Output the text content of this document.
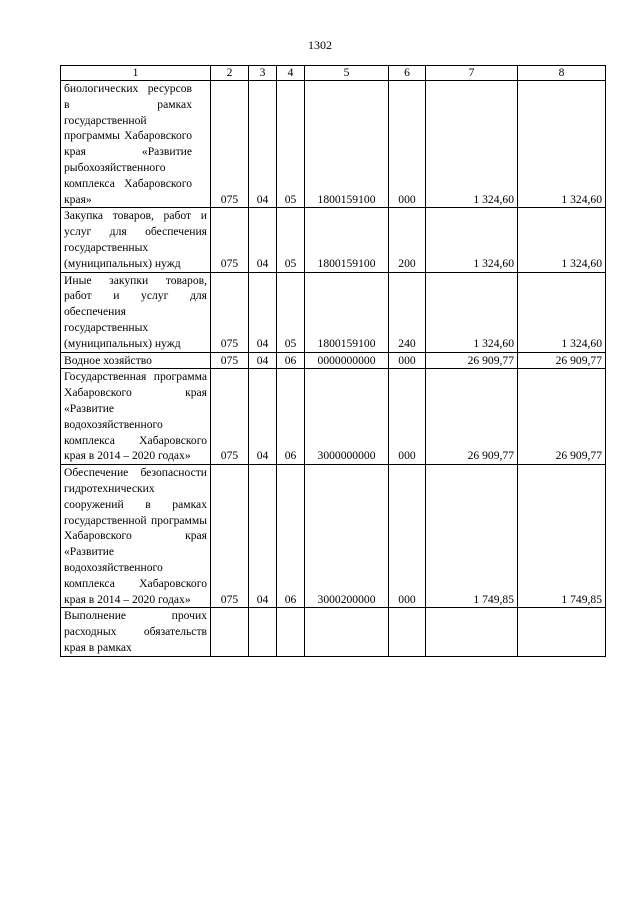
1302
1	2	3	4	5	6	7	8

биологических ресурсов в рамках государственной программы Хабаровского края «Развитие рыбохозяйственного комплекса Хабаровского края»	075	04	05	1800159100	000	1 324,60	1 324,60

Закупка товаров, работ и услуг для обеспечения государственных (муниципальных) нужд	075	04	05	1800159100	200	1 324,60	1 324,60

Иные закупки товаров, работ и услуг для обеспечения государственных (муниципальных) нужд	075	04	05	1800159100	240	1 324,60	1 324,60

Водное хозяйство	075	04	06	0000000000	000	26 909,77	26 909,77

Государственная программа Хабаровского края «Развитие водохозяйственного комплекса Хабаровского края в 2014 – 2020 годах»	075	04	06	3000000000	000	26 909,77	26 909,77

Обеспечение безопасности гидротехнических сооружений в рамках государственной программы Хабаровского края «Развитие водохозяйственного комплекса Хабаровского края в 2014 – 2020 годах»	075	04	06	3000200000	000	1 749,85	1 749,85

Выполнение прочих расходных обязательств края в рамках							
